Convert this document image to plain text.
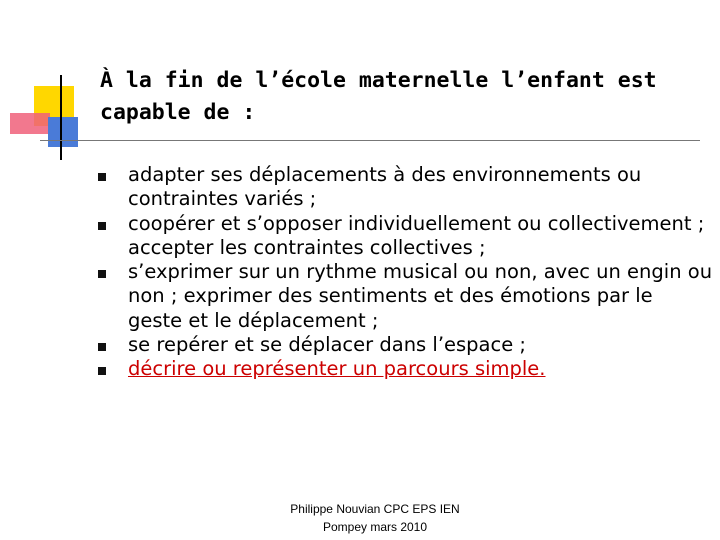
À la fin de l’école maternelle l’enfant est capable de :
adapter ses déplacements à des environnements ou contraintes variés ;
coopérer et s’opposer individuellement ou collectivement ; accepter les contraintes collectives ;
s’exprimer sur un rythme musical ou non, avec un engin ou non ; exprimer des sentiments et des émotions par le geste et le déplacement ;
se repérer et se déplacer dans l’espace ;
décrire ou représenter un parcours simple.
Philippe Nouvian CPC EPS IEN
Pompey mars 2010
